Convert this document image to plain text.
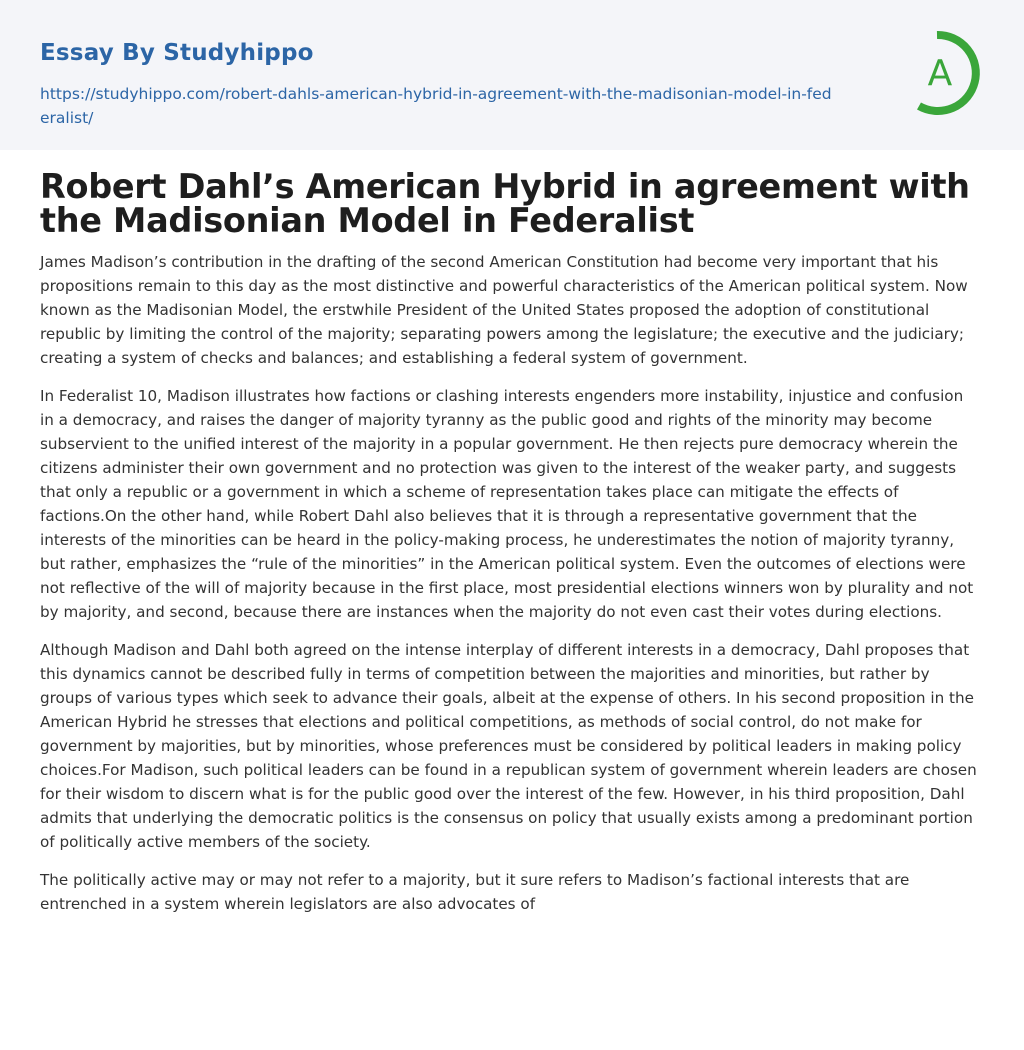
Essay By Studyhippo
https://studyhippo.com/robert-dahls-american-hybrid-in-agreement-with-the-madisonian-model-in-federalist/
A
Robert Dahl’s American Hybrid in agreement with the Madisonian Model in Federalist

James Madison’s contribution in the drafting of the second American Constitution had become very important that his propositions remain to this day as the most distinctive and powerful characteristics of the American political system. Now known as the Madisonian Model, the erstwhile President of the United States proposed the adoption of constitutional republic by limiting the control of the majority; separating powers among the legislature; the executive and the judiciary; creating a system of checks and balances; and establishing a federal system of government.

In Federalist 10, Madison illustrates how factions or clashing interests engenders more instability, injustice and confusion in a democracy, and raises the danger of majority tyranny as the public good and rights of the minority may become subservient to the unified interest of the majority in a popular government. He then rejects pure democracy wherein the citizens administer their own government and no protection was given to the interest of the weaker party, and suggests that only a republic or a government in which a scheme of representation takes place can mitigate the effects of factions.On the other hand, while Robert Dahl also believes that it is through a representative government that the interests of the minorities can be heard in the policy-making process, he underestimates the notion of majority tyranny, but rather, emphasizes the “rule of the minorities” in the American political system. Even the outcomes of elections were not reflective of the will of majority because in the first place, most presidential elections winners won by plurality and not by majority, and second, because there are instances when the majority do not even cast their votes during elections.

Although Madison and Dahl both agreed on the intense interplay of different interests in a democracy, Dahl proposes that this dynamics cannot be described fully in terms of competition between the majorities and minorities, but rather by groups of various types which seek to advance their goals, albeit at the expense of others. In his second proposition in the American Hybrid he stresses that elections and political competitions, as methods of social control, do not make for government by majorities, but by minorities, whose preferences must be considered by political leaders in making policy choices.For Madison, such political leaders can be found in a republican system of government wherein leaders are chosen for their wisdom to discern what is for the public good over the interest of the few. However, in his third proposition, Dahl admits that underlying the democratic politics is the consensus on policy that usually exists among a predominant portion of politically active members of the society.

The politically active may or may not refer to a majority, but it sure refers to Madison’s factional interests that are entrenched in a system wherein legislators are also advocates of
